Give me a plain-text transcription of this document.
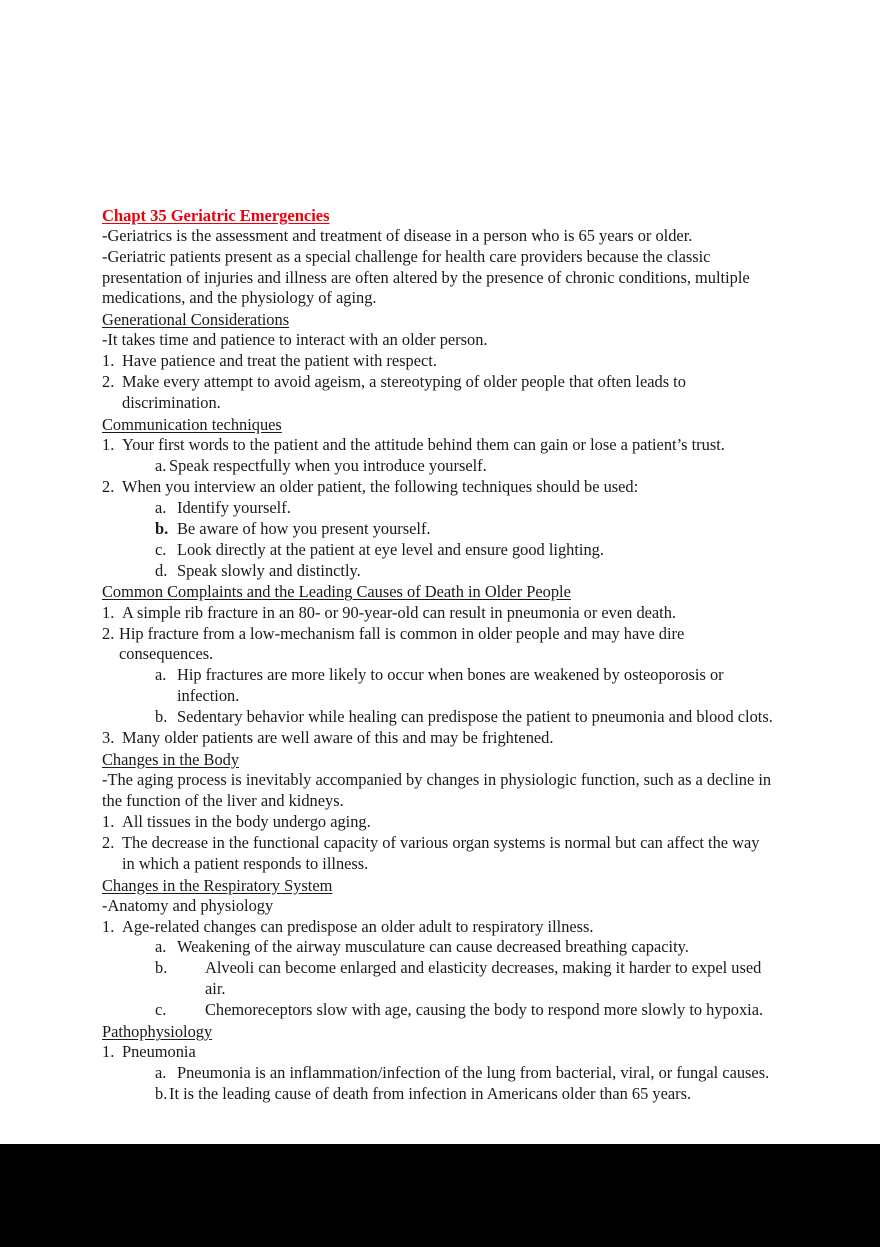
Chapt 35 Geriatric Emergencies
-Geriatrics is the assessment and treatment of disease in a person who is 65 years or older.
-Geriatric patients present as a special challenge for health care providers because the classic presentation of injuries and illness are often altered by the presence of chronic conditions, multiple medications, and the physiology of aging.
Generational Considerations
-It takes time and patience to interact with an older person.
1. Have patience and treat the patient with respect.
2. Make every attempt to avoid ageism, a stereotyping of older people that often leads to discrimination.
Communication techniques
1. Your first words to the patient and the attitude behind them can gain or lose a patient’s trust.
a. Speak respectfully when you introduce yourself.
2. When you interview an older patient, the following techniques should be used:
a. Identify yourself.
b. Be aware of how you present yourself.
c. Look directly at the patient at eye level and ensure good lighting.
d. Speak slowly and distinctly.
Common Complaints and the Leading Causes of Death in Older People
1. A simple rib fracture in an 80- or 90-year-old can result in pneumonia or even death.
2. Hip fracture from a low-mechanism fall is common in older people and may have dire consequences.
a. Hip fractures are more likely to occur when bones are weakened by osteoporosis or infection.
b. Sedentary behavior while healing can predispose the patient to pneumonia and blood clots.
3. Many older patients are well aware of this and may be frightened.
Changes in the Body
-The aging process is inevitably accompanied by changes in physiologic function, such as a decline in the function of the liver and kidneys.
1. All tissues in the body undergo aging.
2. The decrease in the functional capacity of various organ systems is normal but can affect the way in which a patient responds to illness.
Changes in the Respiratory System
-Anatomy and physiology
1. Age-related changes can predispose an older adult to respiratory illness.
a. Weakening of the airway musculature can cause decreased breathing capacity.
b. Alveoli can become enlarged and elasticity decreases, making it harder to expel used air.
c. Chemoreceptors slow with age, causing the body to respond more slowly to hypoxia.
Pathophysiology
1. Pneumonia
a. Pneumonia is an inflammation/infection of the lung from bacterial, viral, or fungal causes.
b. It is the leading cause of death from infection in Americans older than 65 years.
